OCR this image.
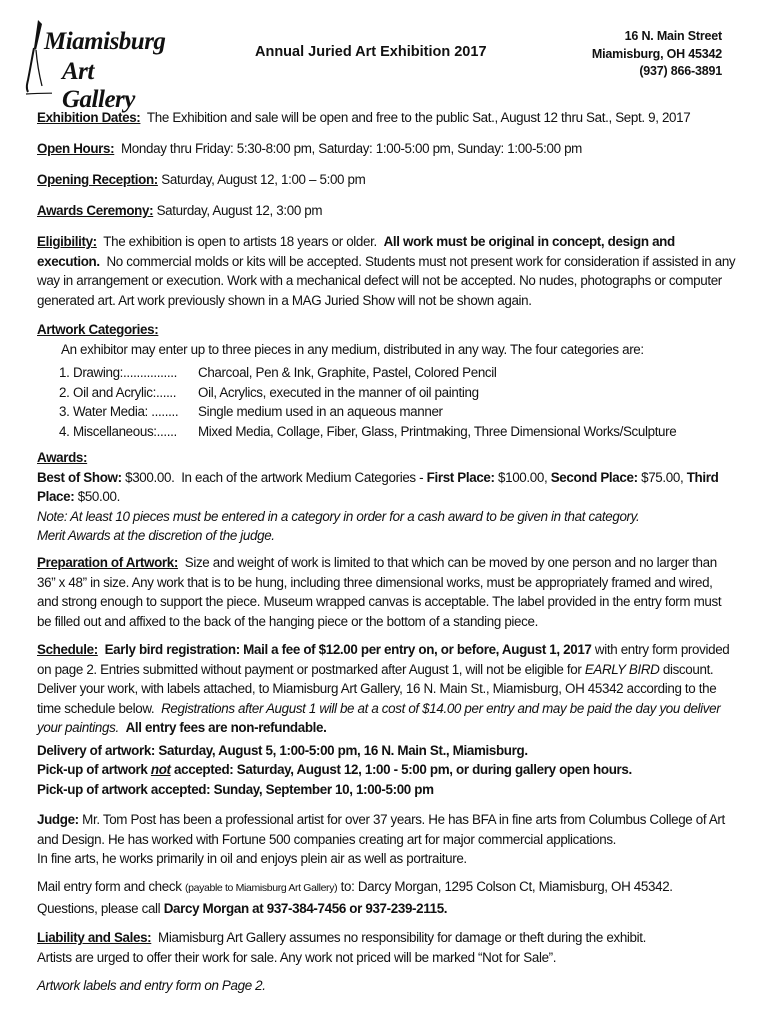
Miamisburg
Art Gallery
Annual Juried Art Exhibition 2017
16 N. Main Street
Miamisburg, OH 45342
(937) 866-3891
Exhibition Dates: The Exhibition and sale will be open and free to the public Sat., August 12 thru Sat., Sept. 9, 2017
Open Hours: Monday thru Friday: 5:30-8:00 pm, Saturday: 1:00-5:00 pm, Sunday: 1:00-5:00 pm
Opening Reception: Saturday, August 12, 1:00 – 5:00 pm
Awards Ceremony: Saturday, August 12, 3:00 pm
Eligibility: The exhibition is open to artists 18 years or older. All work must be original in concept, design and execution. No commercial molds or kits will be accepted. Students must not present work for consideration if assisted in any way in arrangement or execution. Work with a mechanical defect will not be accepted. No nudes, photographs or computer generated art. Art work previously shown in a MAG Juried Show will not be shown again.
Artwork Categories:
An exhibitor may enter up to three pieces in any medium, distributed in any way. The four categories are:
1. Drawing:................	Charcoal, Pen & Ink, Graphite, Pastel, Colored Pencil
2. Oil and Acrylic:......	Oil, Acrylics, executed in the manner of oil painting
3. Water Media: ........	Single medium used in an aqueous manner
4. Miscellaneous:......	Mixed Media, Collage, Fiber, Glass, Printmaking, Three Dimensional Works/Sculpture
Awards:
Best of Show: $300.00. In each of the artwork Medium Categories - First Place: $100.00, Second Place: $75.00, Third Place: $50.00.
Note: At least 10 pieces must be entered in a category in order for a cash award to be given in that category.
Merit Awards at the discretion of the judge.
Preparation of Artwork: Size and weight of work is limited to that which can be moved by one person and no larger than 36” x 48” in size. Any work that is to be hung, including three dimensional works, must be appropriately framed and wired, and strong enough to support the piece. Museum wrapped canvas is acceptable. The label provided in the entry form must be filled out and affixed to the back of the hanging piece or the bottom of a standing piece.
Schedule: Early bird registration: Mail a fee of $12.00 per entry on, or before, August 1, 2017 with entry form provided on page 2. Entries submitted without payment or postmarked after August 1, will not be eligible for EARLY BIRD discount. Deliver your work, with labels attached, to Miamisburg Art Gallery, 16 N. Main St., Miamisburg, OH 45342 according to the time schedule below. Registrations after August 1 will be at a cost of $14.00 per entry and may be paid the day you deliver your paintings. All entry fees are non-refundable.
Delivery of artwork: Saturday, August 5, 1:00-5:00 pm, 16 N. Main St., Miamisburg.
Pick-up of artwork not accepted: Saturday, August 12, 1:00 - 5:00 pm, or during gallery open hours.
Pick-up of artwork accepted: Sunday, September 10, 1:00-5:00 pm
Judge: Mr. Tom Post has been a professional artist for over 37 years. He has BFA in fine arts from Columbus College of Art and Design. He has worked with Fortune 500 companies creating art for major commercial applications.
In fine arts, he works primarily in oil and enjoys plein air as well as portraiture.
Mail entry form and check (payable to Miamisburg Art Gallery) to: Darcy Morgan, 1295 Colson Ct, Miamisburg, OH 45342.
Questions, please call Darcy Morgan at 937-384-7456 or 937-239-2115.
Liability and Sales: Miamisburg Art Gallery assumes no responsibility for damage or theft during the exhibit.
Artists are urged to offer their work for sale. Any work not priced will be marked “Not for Sale”.
Artwork labels and entry form on Page 2.
